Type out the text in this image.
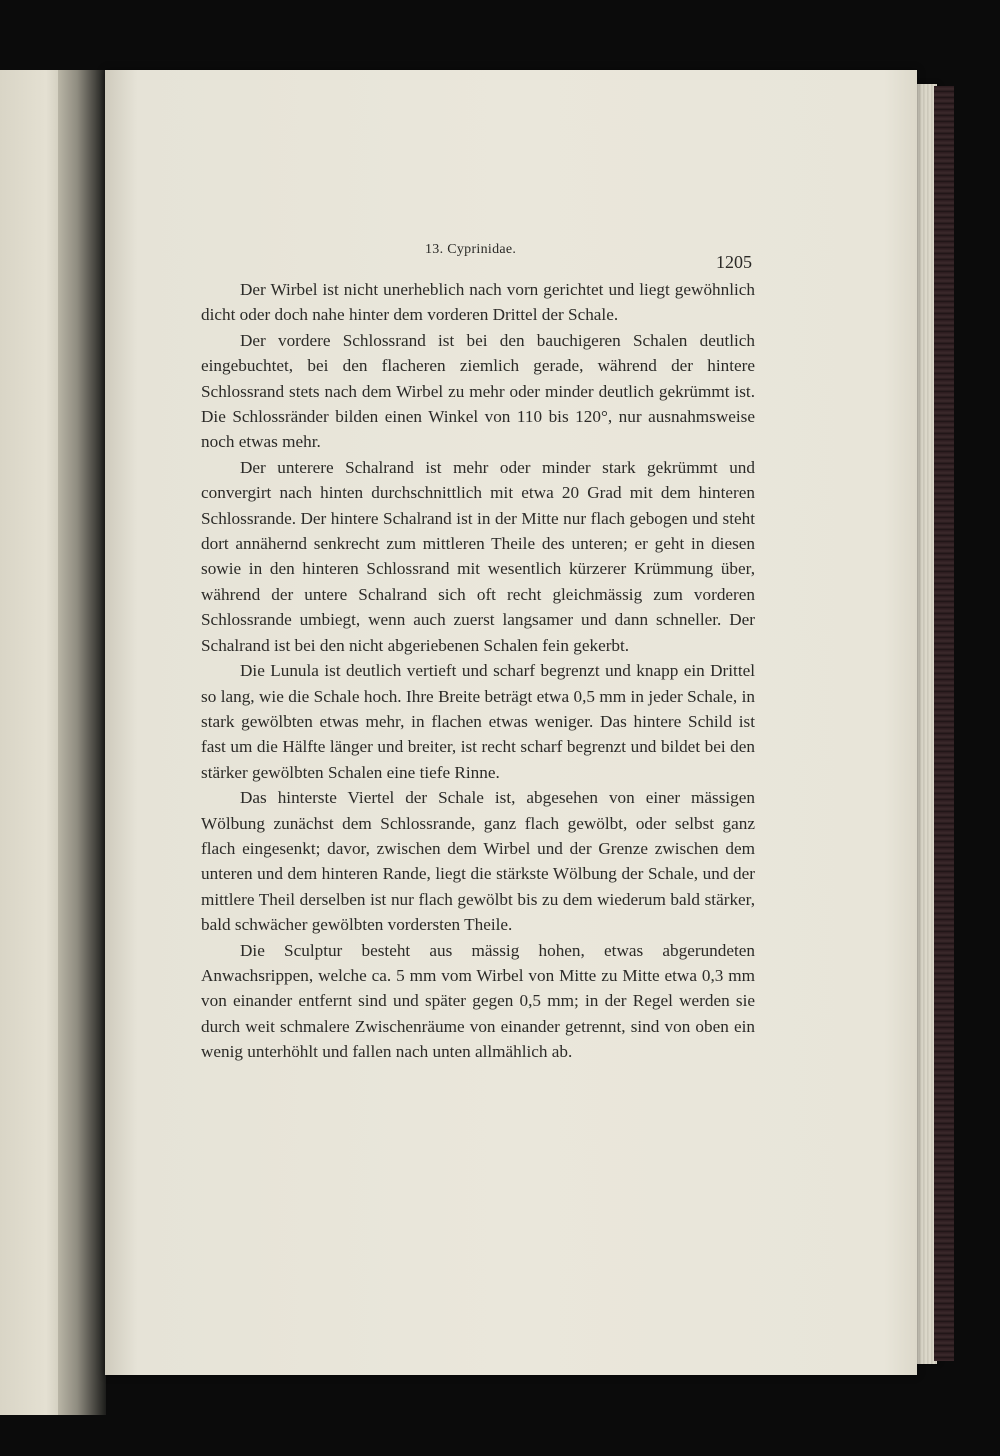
13. Cyprinidae.
1205

Der Wirbel ist nicht unerheblich nach vorn gerichtet und liegt gewöhnlich dicht oder doch nahe hinter dem vorderen Drittel der Schale.

Der vordere Schlossrand ist bei den bauchigeren Schalen deutlich eingebuchtet, bei den flacheren ziemlich gerade, während der hintere Schlossrand stets nach dem Wirbel zu mehr oder minder deutlich gekrümmt ist. Die Schlossränder bilden einen Winkel von 110 bis 120°, nur ausnahmsweise noch etwas mehr.

Der unterere Schalrand ist mehr oder minder stark gekrümmt und convergirt nach hinten durchschnittlich mit etwa 20 Grad mit dem hinteren Schlossrande. Der hintere Schalrand ist in der Mitte nur flach gebogen und steht dort annähernd senkrecht zum mittleren Theile des unteren; er geht in diesen sowie in den hinteren Schlossrand mit wesentlich kürzerer Krümmung über, während der untere Schalrand sich oft recht gleichmässig zum vorderen Schlossrande umbiegt, wenn auch zuerst langsamer und dann schneller. Der Schalrand ist bei den nicht abgeriebenen Schalen fein gekerbt.

Die Lunula ist deutlich vertieft und scharf begrenzt und knapp ein Drittel so lang, wie die Schale hoch. Ihre Breite beträgt etwa 0,5 mm in jeder Schale, in stark gewölbten etwas mehr, in flachen etwas weniger. Das hintere Schild ist fast um die Hälfte länger und breiter, ist recht scharf begrenzt und bildet bei den stärker gewölbten Schalen eine tiefe Rinne.

Das hinterste Viertel der Schale ist, abgesehen von einer mässigen Wölbung zunächst dem Schlossrande, ganz flach gewölbt, oder selbst ganz flach eingesenkt; davor, zwischen dem Wirbel und der Grenze zwischen dem unteren und dem hinteren Rande, liegt die stärkste Wölbung der Schale, und der mittlere Theil derselben ist nur flach gewölbt bis zu dem wiederum bald stärker, bald schwächer gewölbten vordersten Theile.

Die Sculptur besteht aus mässig hohen, etwas abgerundeten Anwachsrippen, welche ca. 5 mm vom Wirbel von Mitte zu Mitte etwa 0,3 mm von einander entfernt sind und später gegen 0,5 mm; in der Regel werden sie durch weit schmalere Zwischenräume von einander getrennt, sind von oben ein wenig unterhöhlt und fallen nach unten allmählich ab.
